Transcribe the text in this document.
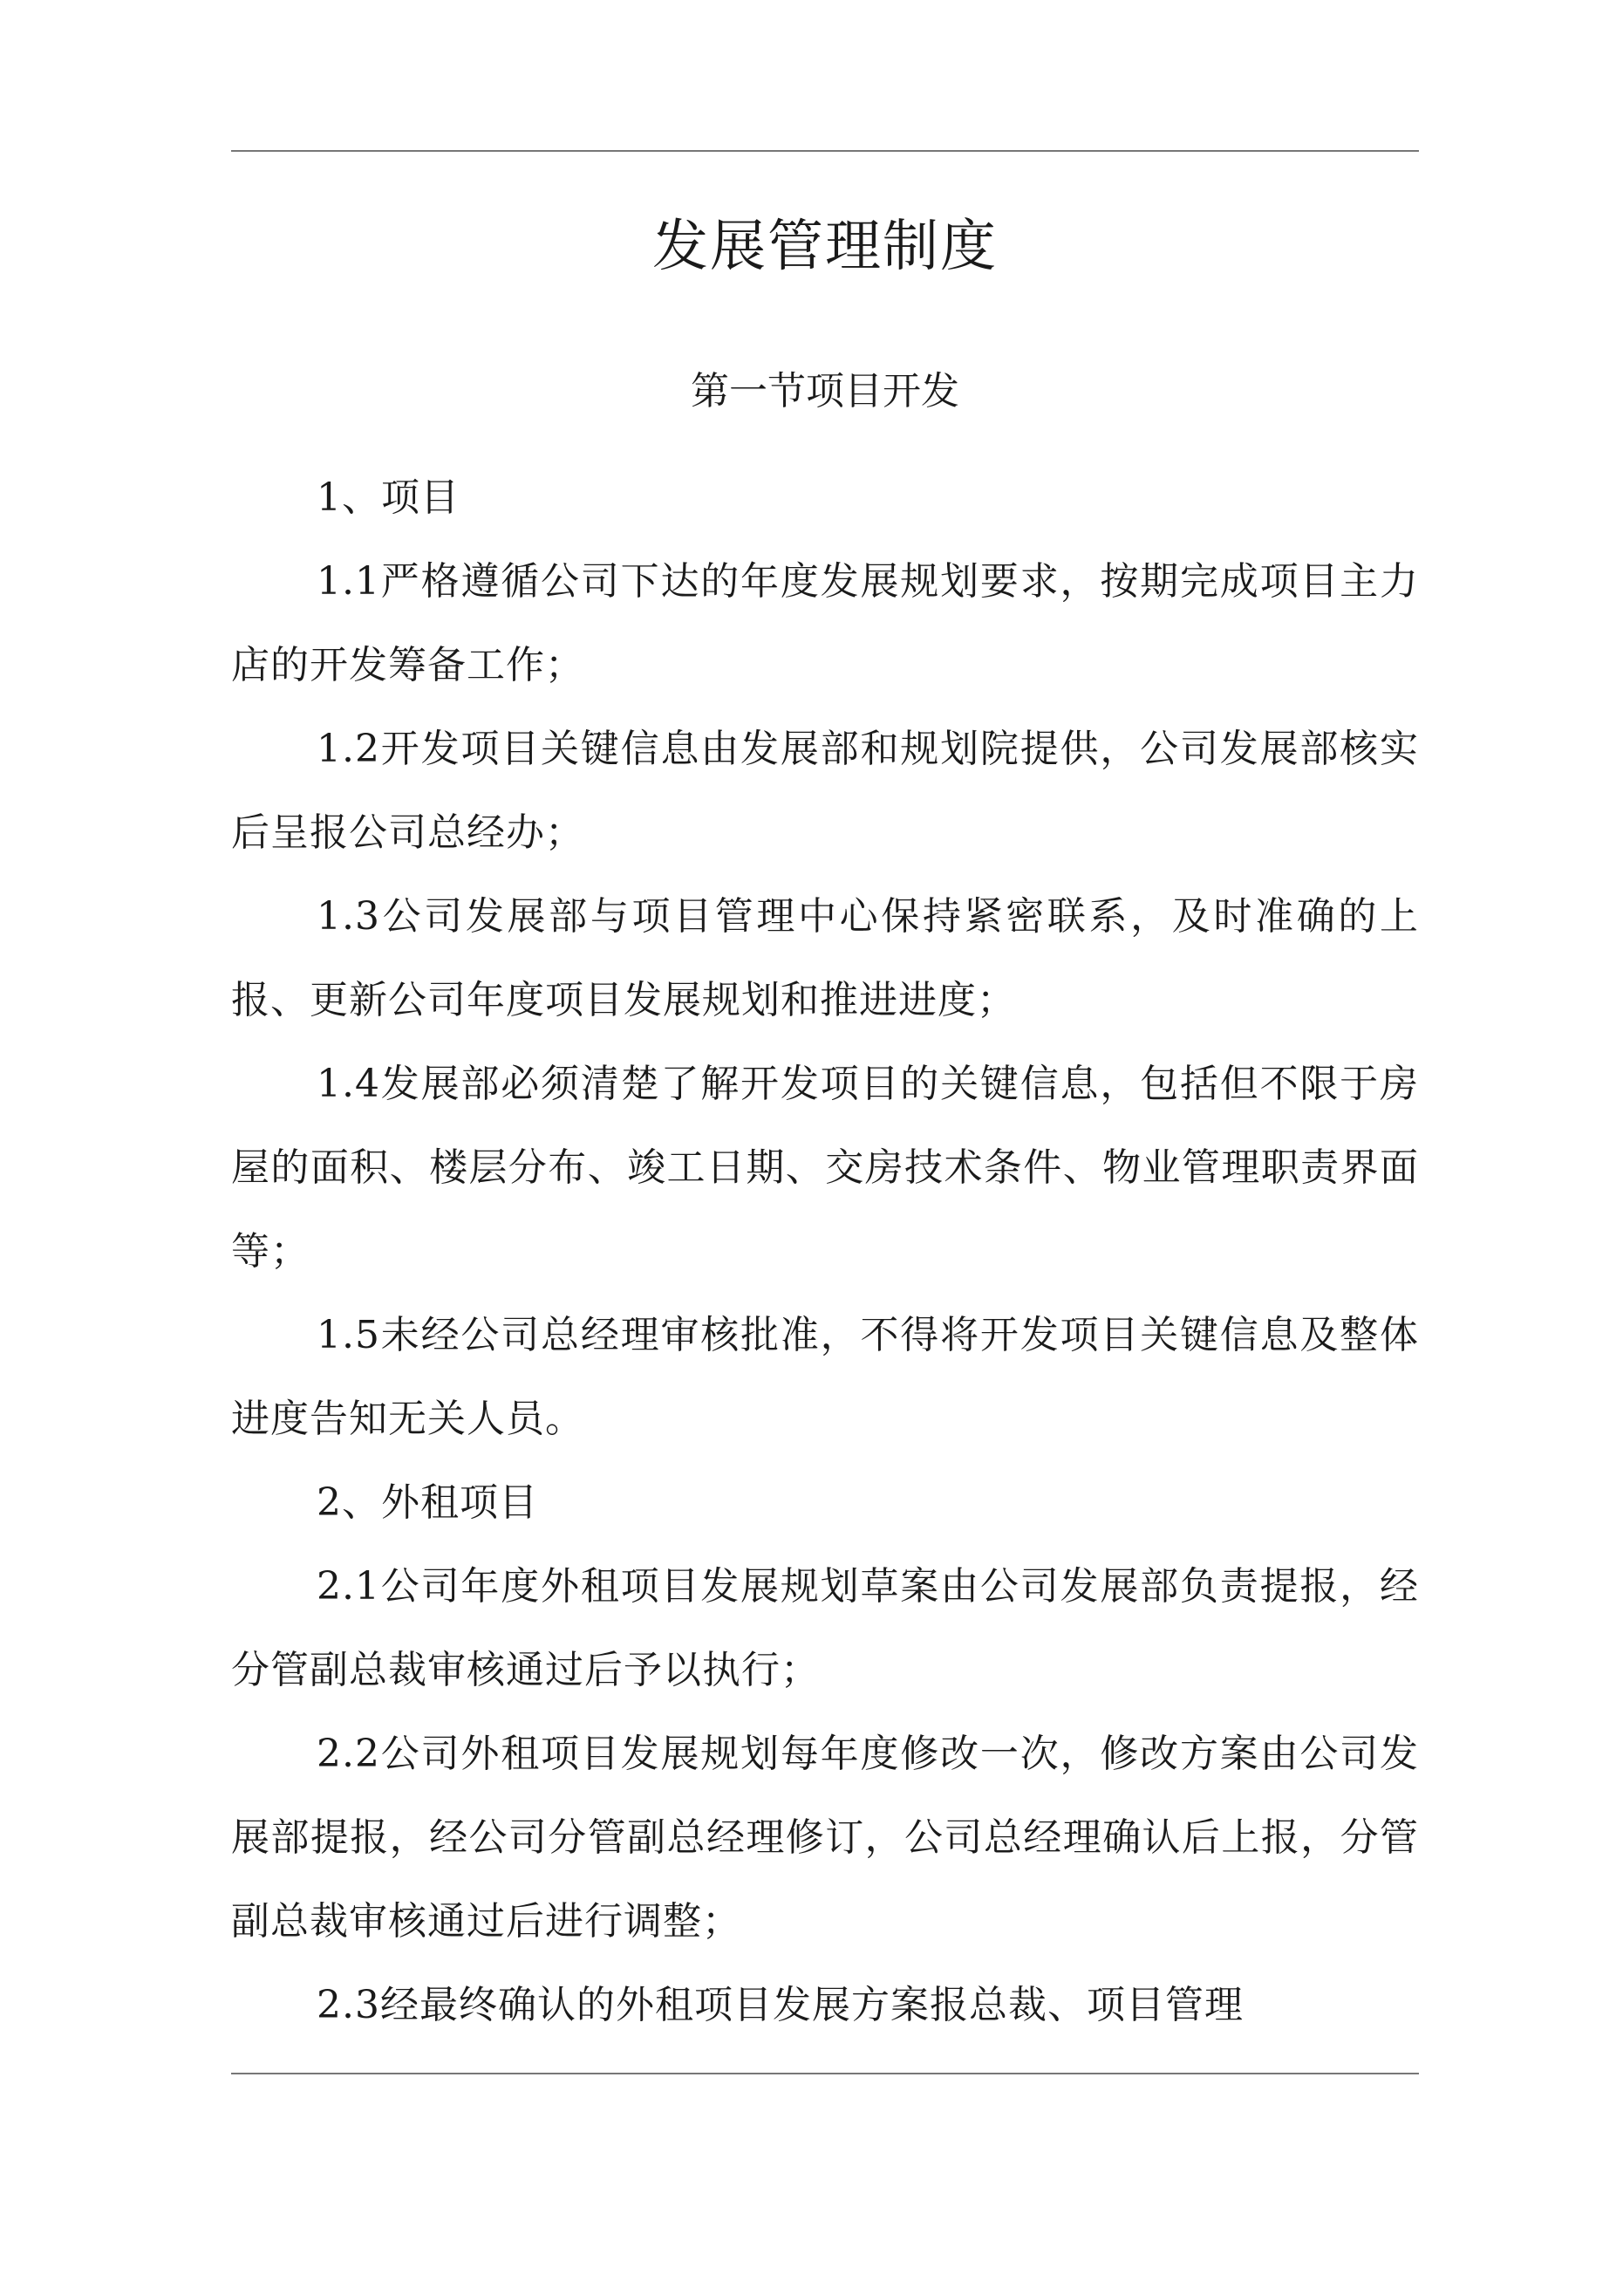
发展管理制度
第一节项目开发

1、项目

1.1严格遵循公司下达的年度发展规划要求，按期完成项目主力店的开发筹备工作；

1.2开发项目关键信息由发展部和规划院提供，公司发展部核实后呈报公司总经办；

1.3公司发展部与项目管理中心保持紧密联系，及时准确的上报、更新公司年度项目发展规划和推进进度；

1.4发展部必须清楚了解开发项目的关键信息，包括但不限于房屋的面积、楼层分布、竣工日期、交房技术条件、物业管理职责界面等；

1.5未经公司总经理审核批准，不得将开发项目关键信息及整体进度告知无关人员。

2、外租项目

2.1公司年度外租项目发展规划草案由公司发展部负责提报，经分管副总裁审核通过后予以执行；

2.2公司外租项目发展规划每年度修改一次，修改方案由公司发展部提报，经公司分管副总经理修订，公司总经理确认后上报，分管副总裁审核通过后进行调整；

2.3经最终确认的外租项目发展方案报总裁、项目管理
